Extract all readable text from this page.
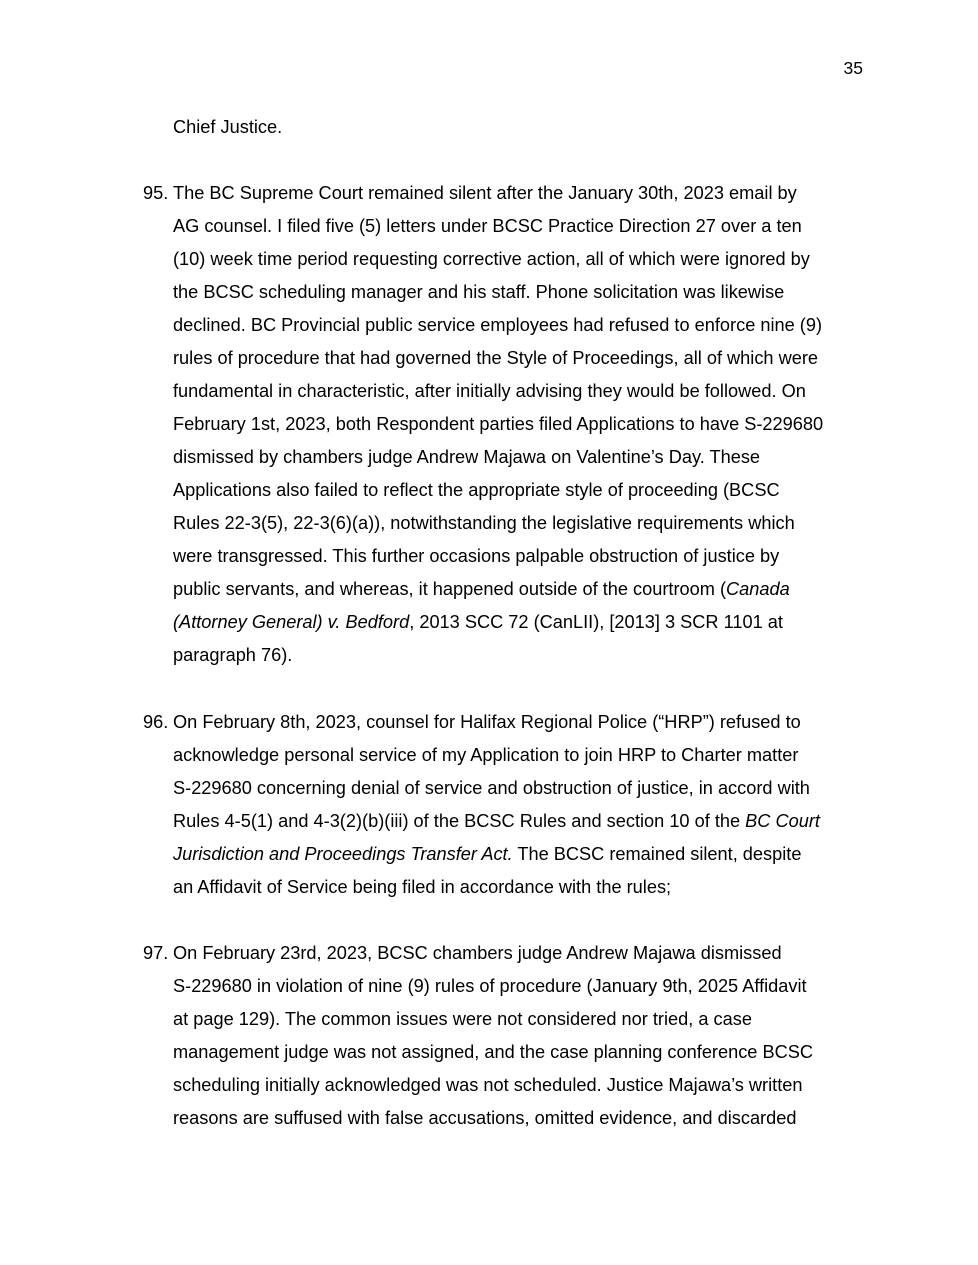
35
Chief Justice.
95. The BC Supreme Court remained silent after the January 30th, 2023 email by
AG counsel. I filed five (5) letters under BCSC Practice Direction 27 over a ten
(10) week time period requesting corrective action, all of which were ignored by
the BCSC scheduling manager and his staff. Phone solicitation was likewise
declined. BC Provincial public service employees had refused to enforce nine (9)
rules of procedure that had governed the Style of Proceedings, all of which were
fundamental in characteristic, after initially advising they would be followed. On
February 1st, 2023, both Respondent parties filed Applications to have S-229680
dismissed by chambers judge Andrew Majawa on Valentine’s Day. These
Applications also failed to reflect the appropriate style of proceeding (BCSC
Rules 22-3(5), 22-3(6)(a)), notwithstanding the legislative requirements which
were transgressed. This further occasions palpable obstruction of justice by
public servants, and whereas, it happened outside of the courtroom (Canada
(Attorney General) v. Bedford, 2013 SCC 72 (CanLII), [2013] 3 SCR 1101 at
paragraph 76).
96. On February 8th, 2023, counsel for Halifax Regional Police (“HRP”) refused to
acknowledge personal service of my Application to join HRP to Charter matter
S-229680 concerning denial of service and obstruction of justice, in accord with
Rules 4-5(1) and 4-3(2)(b)(iii) of the BCSC Rules and section 10 of the BC Court
Jurisdiction and Proceedings Transfer Act. The BCSC remained silent, despite
an Affidavit of Service being filed in accordance with the rules;
97. On February 23rd, 2023, BCSC chambers judge Andrew Majawa dismissed
S-229680 in violation of nine (9) rules of procedure (January 9th, 2025 Affidavit
at page 129). The common issues were not considered nor tried, a case
management judge was not assigned, and the case planning conference BCSC
scheduling initially acknowledged was not scheduled. Justice Majawa’s written
reasons are suffused with false accusations, omitted evidence, and discarded
